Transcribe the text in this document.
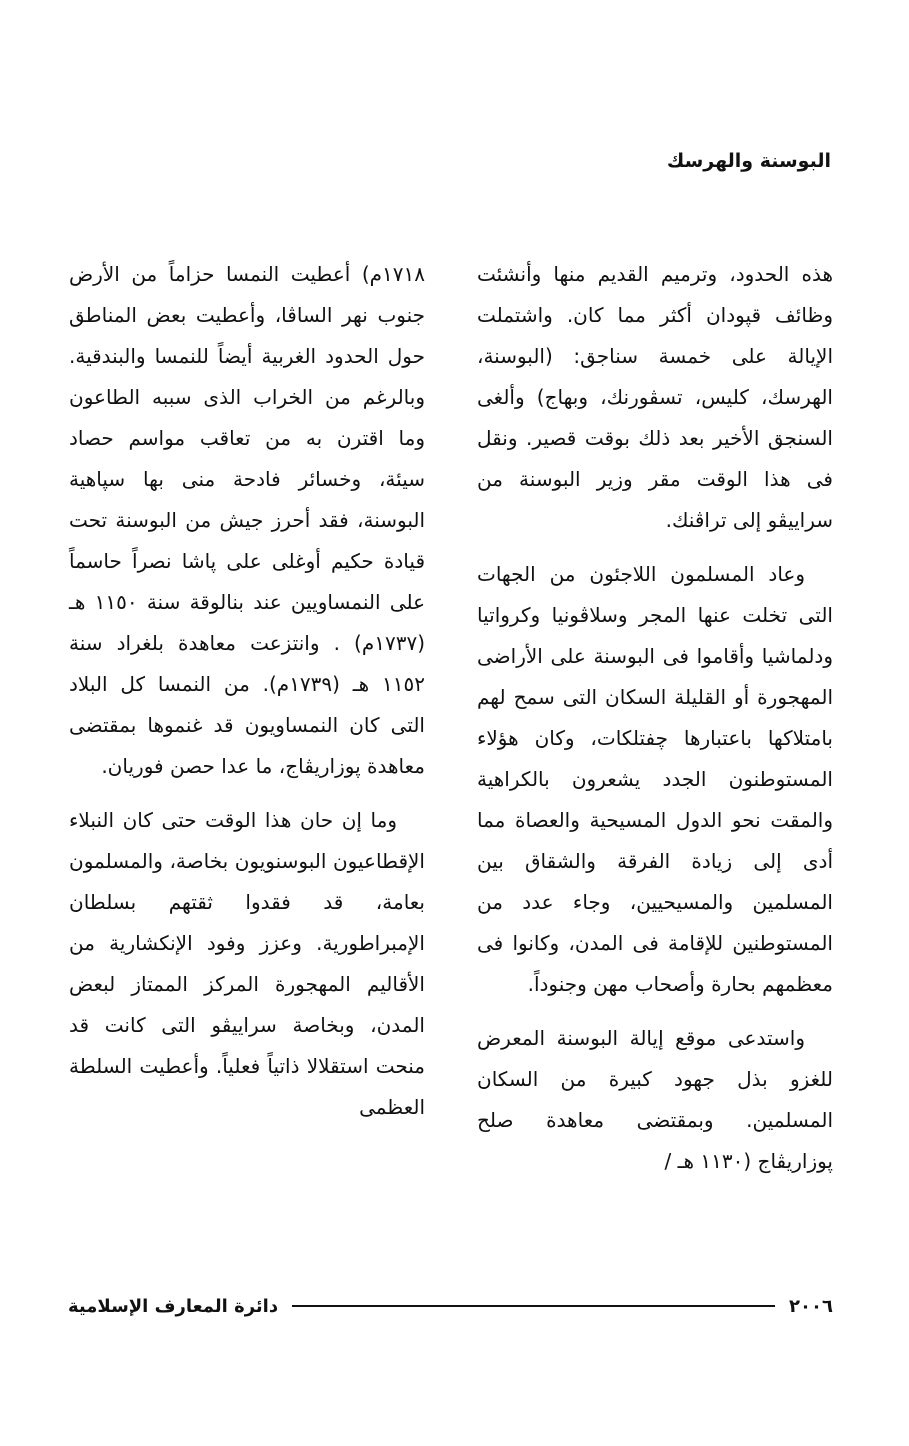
البوسنة والهرسك

هذه الحدود، وترميم القديم منها وأنشئت وظائف قپودان أكثر مما كان. واشتملت الإيالة على خمسة سناجق: (البوسنة، الهرسك، كليس، تسڤورنك، وبهاج) وألغى السنجق الأخير بعد ذلك بوقت قصير. ونقل فى هذا الوقت مقر وزير البوسنة من سراييڤو إلى تراڤنك.

وعاد المسلمون اللاجئون من الجهات التى تخلت عنها المجر وسلاڤونيا وكرواتيا ودلماشيا وأقاموا فى البوسنة على الأراضى المهجورة أو القليلة السكان التى سمح لهم بامتلاكها باعتبارها چفتلكات، وكان هؤلاء المستوطنون الجدد يشعرون بالكراهية والمقت نحو الدول المسيحية والعصاة مما أدى إلى زيادة الفرقة والشقاق بين المسلمين والمسيحيين، وجاء عدد من المستوطنين للإقامة فى المدن، وكانوا فى معظمهم بحارة وأصحاب مهن وجنوداً.

واستدعى موقع إيالة البوسنة المعرض للغزو بذل جهود كبيرة من السكان المسلمين. وبمقتضى معاهدة صلح پوزاريڤاج (١١٣٠ هـ /

١٧١٨م) أعطيت النمسا حزاماً من الأرض جنوب نهر الساڤا، وأعطيت بعض المناطق حول الحدود الغربية أيضاً للنمسا والبندقية. وبالرغم من الخراب الذى سببه الطاعون وما اقترن به من تعاقب مواسم حصاد سيئة، وخسائر فادحة منى بها سپاهية البوسنة، فقد أحرز جيش من البوسنة تحت قيادة حكيم أوغلى على پاشا نصراً حاسماً على النمساويين عند بنالوقة سنة ١١٥٠ هـ (١٧٣٧م) . وانتزعت معاهدة بلغراد سنة ١١٥٢ هـ (١٧٣٩م). من النمسا كل البلاد التى كان النمساويون قد غنموها بمقتضى معاهدة پوزاريڤاج، ما عدا حصن فوريان.

وما إن حان هذا الوقت حتى كان النبلاء الإقطاعيون البوسنويون بخاصة، والمسلمون بعامة، قد فقدوا ثقتهم بسلطان الإمبراطورية. وعزز وفود الإنكشارية من الأقاليم المهجورة المركز الممتاز لبعض المدن، وبخاصة سراييڤو التى كانت قد منحت استقلالا ذاتياً فعلياً. وأعطيت السلطة العظمى

٢٠٠٦
دائرة المعارف الإسلامية
